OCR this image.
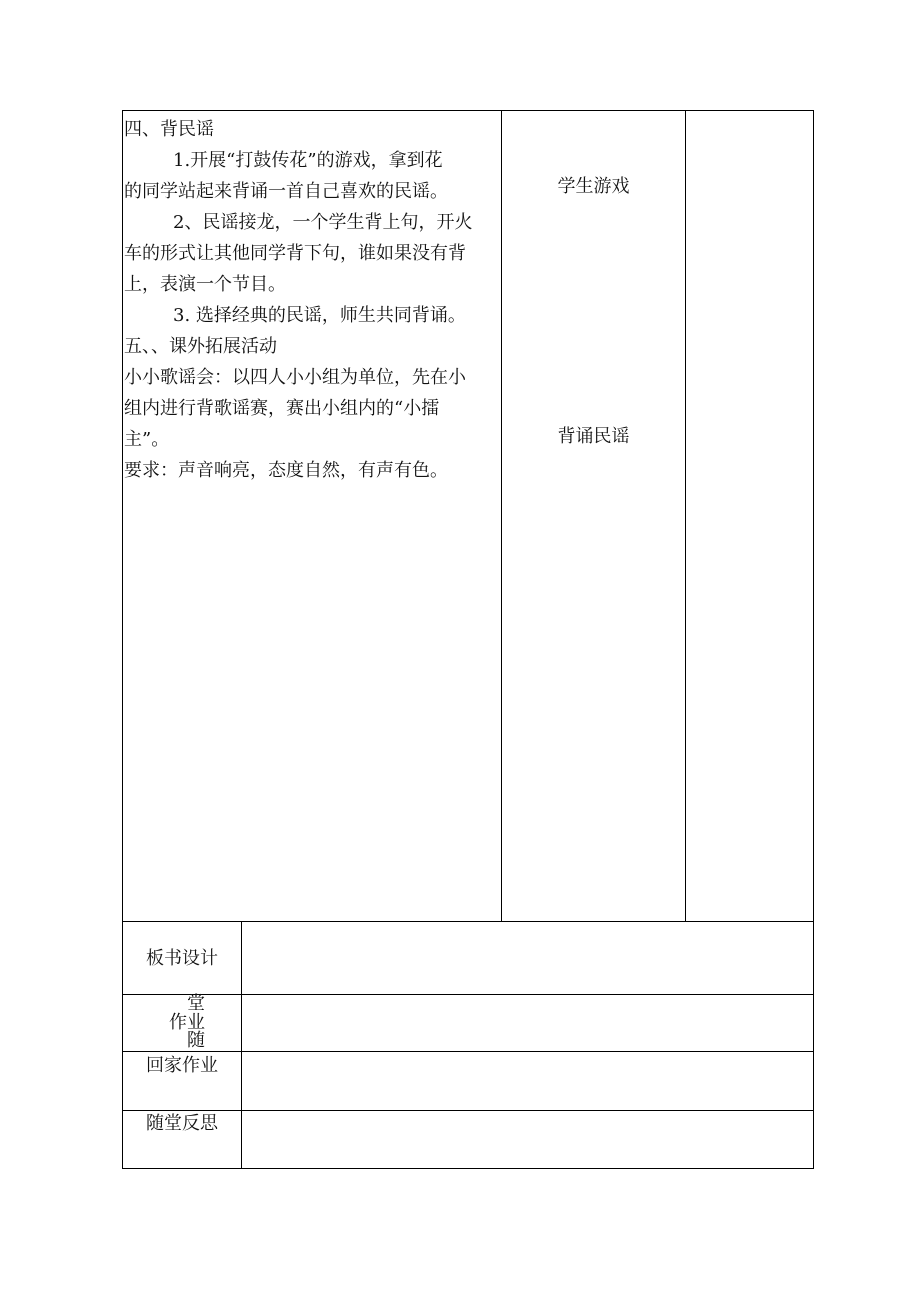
四、背民谣
1.开展“打鼓传花”的游戏，拿到花
的同学站起来背诵一首自己喜欢的民谣。
2、民谣接龙，一个学生背上句，开火
车的形式让其他同学背下句，谁如果没有背
上，表演一个节目。
3. 选择经典的民谣，师生共同背诵。
五、、课外拓展活动
小小歌谣会：以四人小小组为单位，先在小
组内进行背歌谣赛，赛出小组内的“小擂
主”。
要求：声音响亮，态度自然，有声有色。
学生游戏
背诵民谣
板书设计
堂
作业
随
回家作业
随堂反思
